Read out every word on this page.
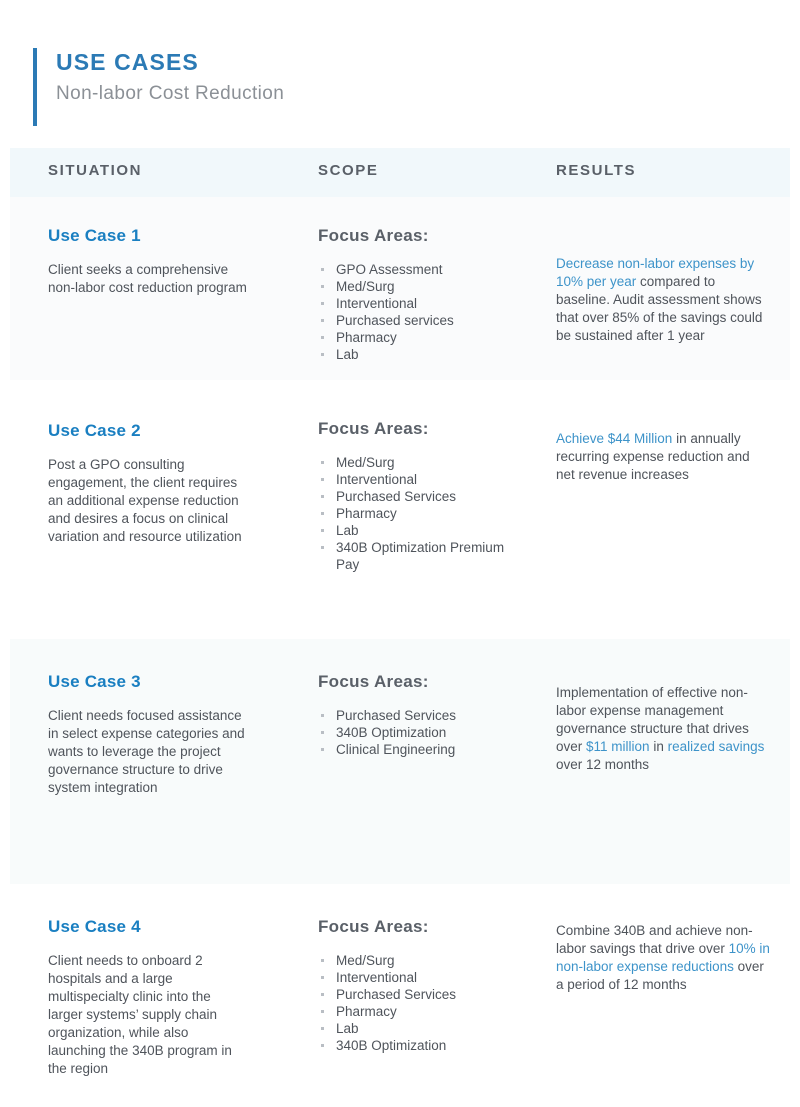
USE CASES
Non-labor Cost Reduction
SITUATION	SCOPE	RESULTS
Use Case 1

Client seeks a comprehensive non-labor cost reduction program

Focus Areas:
GPO Assessment
Med/Surg
Interventional
Purchased services
Pharmacy
Lab

Decrease non-labor expenses by 10% per year compared to baseline. Audit assessment shows that over 85% of the savings could be sustained after 1 year

Use Case 2

Post a GPO consulting engagement, the client requires an additional expense reduction and desires a focus on clinical variation and resource utilization

Focus Areas:
Med/Surg
Interventional
Purchased Services
Pharmacy
Lab
340B Optimization Premium Pay

Achieve $44 Million in annually recurring expense reduction and net revenue increases

Use Case 3

Client needs focused assistance in select expense categories and wants to leverage the project governance structure to drive system integration

Focus Areas:
Purchased Services
340B Optimization
Clinical Engineering

Implementation of effective non-labor expense management governance structure that drives over $11 million in realized savings over 12 months

Use Case 4

Client needs to onboard 2 hospitals and a large multispecialty clinic into the larger systems’ supply chain organization, while also launching the 340B program in the region

Focus Areas:
Med/Surg
Interventional
Purchased Services
Pharmacy
Lab
340B Optimization

Combine 340B and achieve non-labor savings that drive over 10% in non-labor expense reductions over a period of 12 months
